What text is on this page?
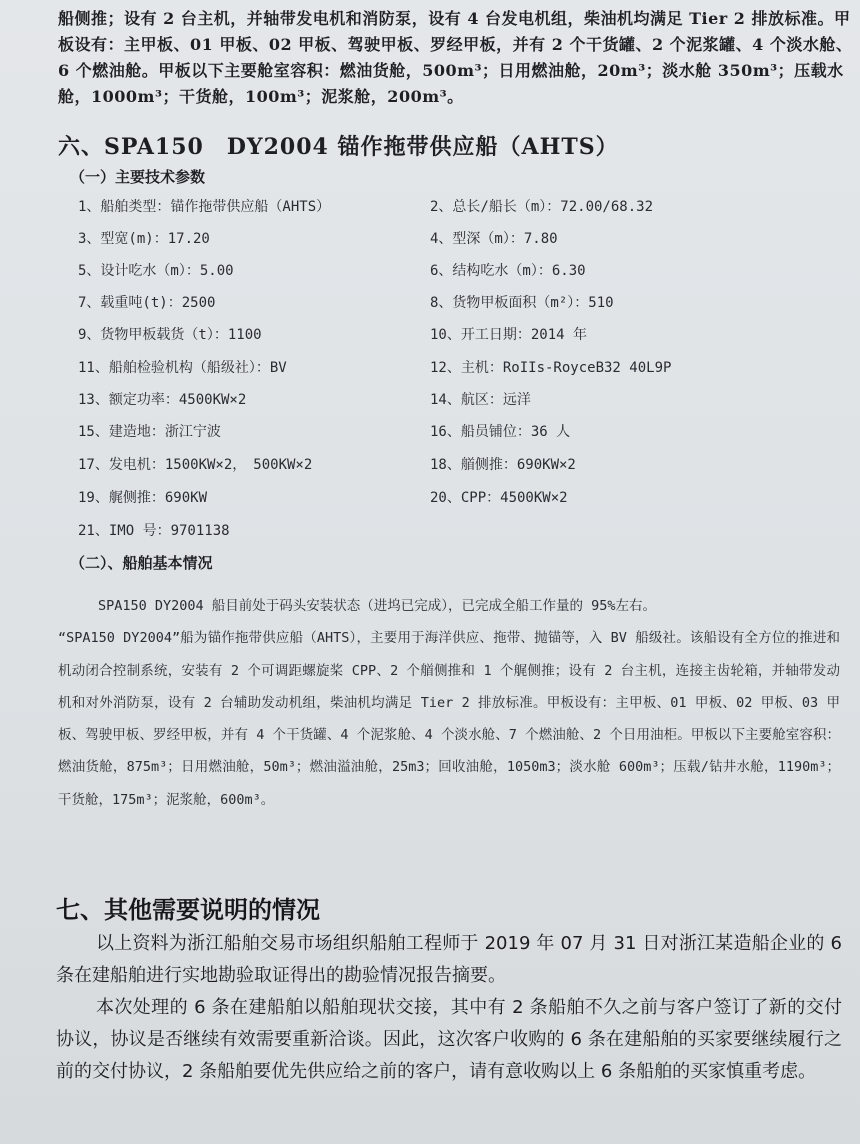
船侧推；设有 2 台主机，并轴带发电机和消防泵，设有 4 台发电机组，柴油机均满足 Tier 2 排放标准。甲板设有：主甲板、01 甲板、02 甲板、驾驶甲板、罗经甲板，并有 2 个干货罐、2 个泥浆罐、4 个淡水舱、6 个燃油舱。甲板以下主要舱室容积：燃油货舱，500m³；日用燃油舱，20m³；淡水舱 350m³；压载水舱，1000m³；干货舱，100m³；泥浆舱，200m³。

六、SPA150　DY2004 锚作拖带供应船（AHTS）
（一）主要技术参数
1、船舶类型：锚作拖带供应船（AHTS）	2、总长/船长（m）：72.00/68.32
3、型宽(m)：17.20	4、型深（m）：7.80
5、设计吃水（m）：5.00	6、结构吃水（m）：6.30
7、载重吨(t)：2500	8、货物甲板面积（m²）：510
9、货物甲板载货（t）：1100	10、开工日期：2014 年
11、船舶检验机构（船级社）：BV	12、主机：RoIIs-RoyceB32 40L9P
13、额定功率：4500KW×2	14、航区：远洋
15、建造地：浙江宁波	16、船员铺位：36 人
17、发电机：1500KW×2，　500KW×2	18、艏侧推：690KW×2
19、艉侧推：690KW	20、CPP：4500KW×2
21、IMO 号：9701138
（二）、船舶基本情况

SPA150 DY2004 船目前处于码头安装状态（进坞已完成），已完成全船工作量的 95%左右。

“SPA150 DY2004”船为锚作拖带供应船（AHTS），主要用于海洋供应、拖带、抛锚等，入 BV 船级社。该船设有全方位的推进和机动闭合控制系统，安装有 2 个可调距螺旋桨 CPP、2 个艏侧推和 1 个艉侧推；设有 2 台主机，连接主齿轮箱，并轴带发动机和对外消防泵，设有 2 台辅助发动机组，柴油机均满足 Tier 2 排放标准。甲板设有：主甲板、01 甲板、02 甲板、03 甲板、驾驶甲板、罗经甲板，并有 4 个干货罐、4 个泥浆舱、4 个淡水舱、7 个燃油舱、2 个日用油柜。甲板以下主要舱室容积：燃油货舱，875m³；日用燃油舱，50m³；燃油溢油舱，25m3；回收油舱，1050m3；淡水舱 600m³；压载/钻井水舱，1190m³；干货舱，175m³；泥浆舱，600m³。

七、其他需要说明的情况

以上资料为浙江船舶交易市场组织船舶工程师于 2019 年 07 月 31 日对浙江某造船企业的 6 条在建船舶进行实地勘验取证得出的勘验情况报告摘要。

本次处理的 6 条在建船舶以船舶现状交接，其中有 2 条船舶不久之前与客户签订了新的交付协议，协议是否继续有效需要重新洽谈。因此，这次客户收购的 6 条在建船舶的买家要继续履行之前的交付协议，2 条船舶要优先供应给之前的客户，请有意收购以上 6 条船舶的买家慎重考虑。
